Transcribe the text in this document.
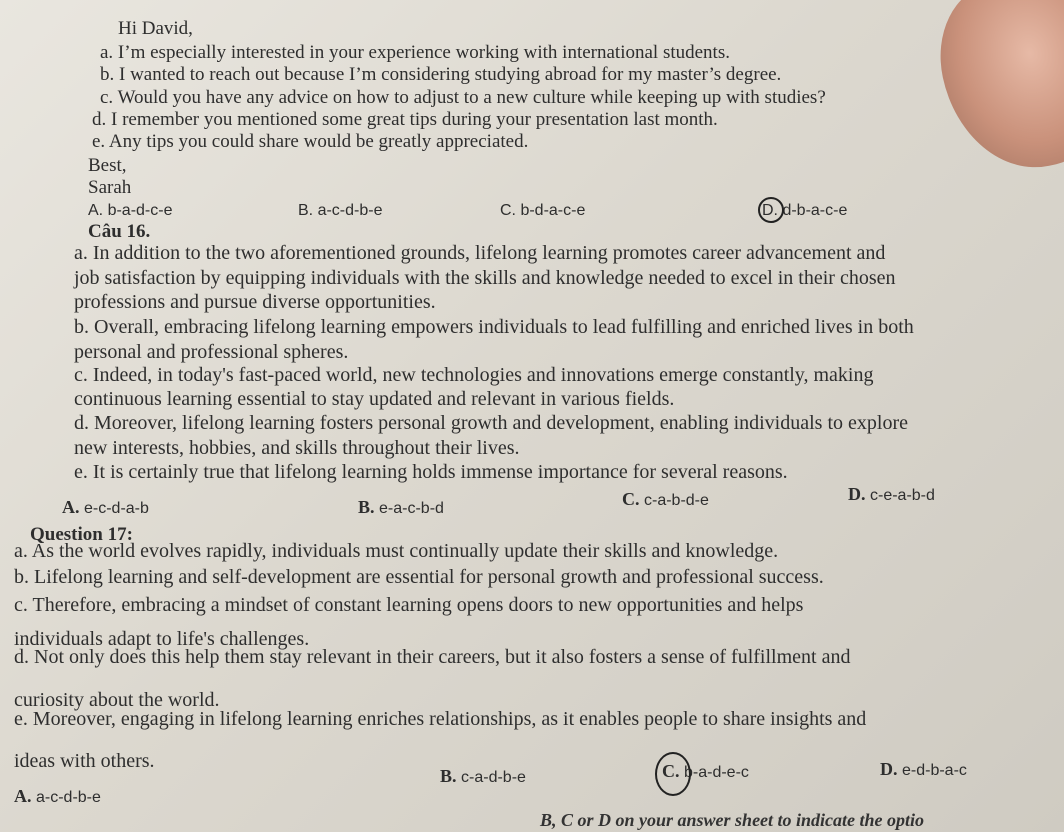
Hi David,
a. I’m especially interested in your experience working with international students.
b. I wanted to reach out because I’m considering studying abroad for my master’s degree.
c. Would you have any advice on how to adjust to a new culture while keeping up with studies?
d. I remember you mentioned some great tips during your presentation last month.
e. Any tips you could share would be greatly appreciated.
Best,
Sarah
A. b-a-d-c-e	B. a-c-d-b-e	C. b-d-a-c-e	D. d-b-a-c-e
Câu 16.
a. In addition to the two aforementioned grounds, lifelong learning promotes career advancement and
job satisfaction by equipping individuals with the skills and knowledge needed to excel in their chosen
professions and pursue diverse opportunities.
b. Overall, embracing lifelong learning empowers individuals to lead fulfilling and enriched lives in both
personal and professional spheres.
c. Indeed, in today's fast-paced world, new technologies and innovations emerge constantly, making
continuous learning essential to stay updated and relevant in various fields.
d. Moreover, lifelong learning fosters personal growth and development, enabling individuals to explore
new interests, hobbies, and skills throughout their lives.
e. It is certainly true that lifelong learning holds immense importance for several reasons.
A. e-c-d-a-b	B. e-a-c-b-d	C. c-a-b-d-e	D. c-e-a-b-d
Question 17:
a. As the world evolves rapidly, individuals must continually update their skills and knowledge.
b. Lifelong learning and self-development are essential for personal growth and professional success.
c. Therefore, embracing a mindset of constant learning opens doors to new opportunities and helps
individuals adapt to life's challenges.
d. Not only does this help them stay relevant in their careers, but it also fosters a sense of fulfillment and
curiosity about the world.
e. Moreover, engaging in lifelong learning enriches relationships, as it enables people to share insights and
ideas with others.
A. a-c-d-b-e
B. c-a-d-b-e	C. b-a-d-e-c	D. e-d-b-a-c
B, C or D on your answer sheet to indicate the optio
